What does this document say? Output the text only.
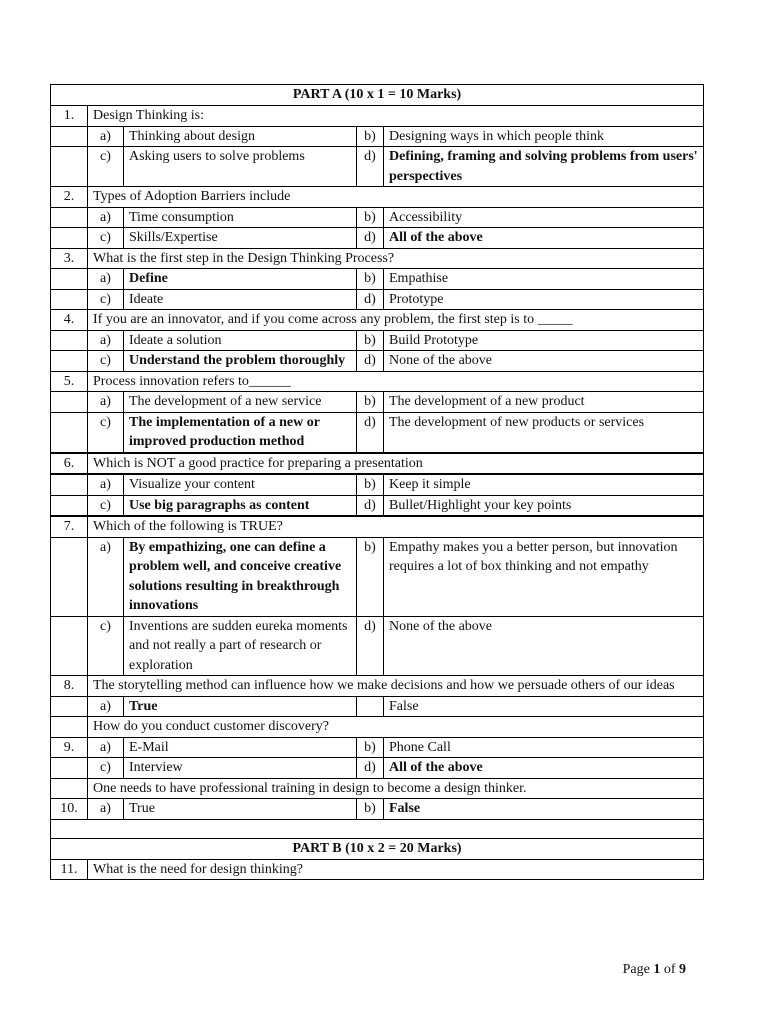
PART A (10 x 1 = 10 Marks)				
1.	Design Thinking is:			
	a)	Thinking about design	b)	Designing ways in which people think
	c)	Asking users to solve problems	d)	Defining, framing and solving problems from users' perspectives
2.	Types of Adoption Barriers include			
	a)	Time consumption	b)	Accessibility
	c)	Skills/Expertise	d)	All of the above
3.	What is the first step in the Design Thinking Process?			
	a)	Define	b)	Empathise
	c)	Ideate	d)	Prototype
4.	If you are an innovator, and if you come across any problem, the first step is to _____			
	a)	Ideate a solution	b)	Build Prototype
	c)	Understand the problem thoroughly	d)	None of the above
5.	Process innovation refers to______			
	a)	The development of a new service	b)	The development of a new product
	c)	The implementation of a new or improved production method	d)	The development of new products or services
6.	Which is NOT a good practice for preparing a presentation			
	a)	Visualize your content	b)	Keep it simple
	c)	Use big paragraphs as content	d)	Bullet/Highlight your key points
7.	Which of the following is TRUE?			
	a)	By empathizing, one can define a problem well, and conceive creative solutions resulting in breakthrough innovations	b)	Empathy makes you a better person, but innovation requires a lot of box thinking and not empathy
	c)	Inventions are sudden eureka moments and not really a part of research or exploration	d)	None of the above
8.	The storytelling method can influence how we make decisions and how we persuade others of our ideas			
	a)	True		False
	How do you conduct customer discovery?			
9.	a)	E-Mail	b)	Phone Call
	c)	Interview	d)	All of the above
	One needs to have professional training in design to become a design thinker.			
10.	a)	True	b)	False

PART B (10 x 2 = 20 Marks)				
11.	What is the need for design thinking?			
Page 1 of 9
